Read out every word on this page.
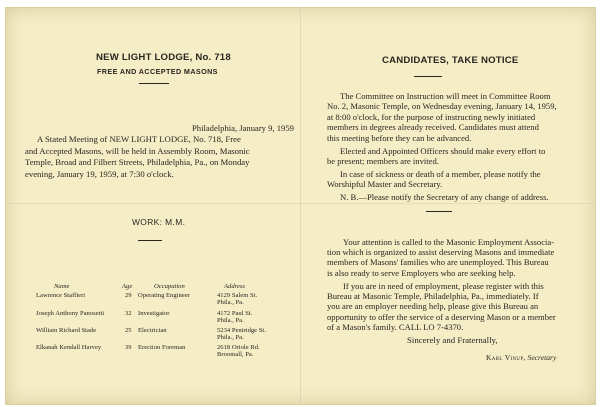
NEW LIGHT LODGE, No. 718
FREE AND ACCEPTED MASONS
Philadelphia, January 9, 1959
A Stated Meeting of NEW LIGHT LODGE, No. 718, Free
and Accepted Masons, will be held in Assembly Room, Masonic
Temple, Broad and Filbert Streets, Philadelphia, Pa., on Monday
evening, January 19, 1959, at 7:30 o'clock.
WORK: M.M.
Name	Age	Occupation	Address
Lawrence Staffieri	29 Operating Engineer	4129 Salem St.
Phila., Pa.
Joseph Anthony Panosetti	32 Investigator	4172 Paul St.
Phila., Pa.
William Richard Stade	25 Electrician	5234 Pentridge St.
Phila., Pa.
Elkanah Kendall Harvey	39 Erection Foreman	2618 Oriole Rd.
Broomall, Pa.
CANDIDATES, TAKE NOTICE
The Committee on Instruction will meet in Committee Room
No. 2, Masonic Temple, on Wednesday evening, January 14, 1959,
at 8:00 o'clock, for the purpose of instructing newly initiated
members in degrees already received. Candidates must attend
this meeting before they can be advanced.
Elected and Appointed Officers should make every effort to
be present; members are invited.
In case of sickness or death of a member, please notify the
Worshipful Master and Secretary.
N. B.—Please notify the Secretary of any change of address.
Your attention is called to the Masonic Employment Associa-
tion which is organized to assist deserving Masons and immediate
members of Masons' families who are unemployed. This Bureau
is also ready to serve Employers who are seeking help.
If you are in need of employment, please register with this
Bureau at Masonic Temple, Philadelphia, Pa., immediately. If
you are an employer needing help, please give this Bureau an
opportunity to offer the service of a deserving Mason or a member
of a Mason's family. CALL LO 7-4370.
Sincerely and Fraternally,
Karl Vinup, Secretary
